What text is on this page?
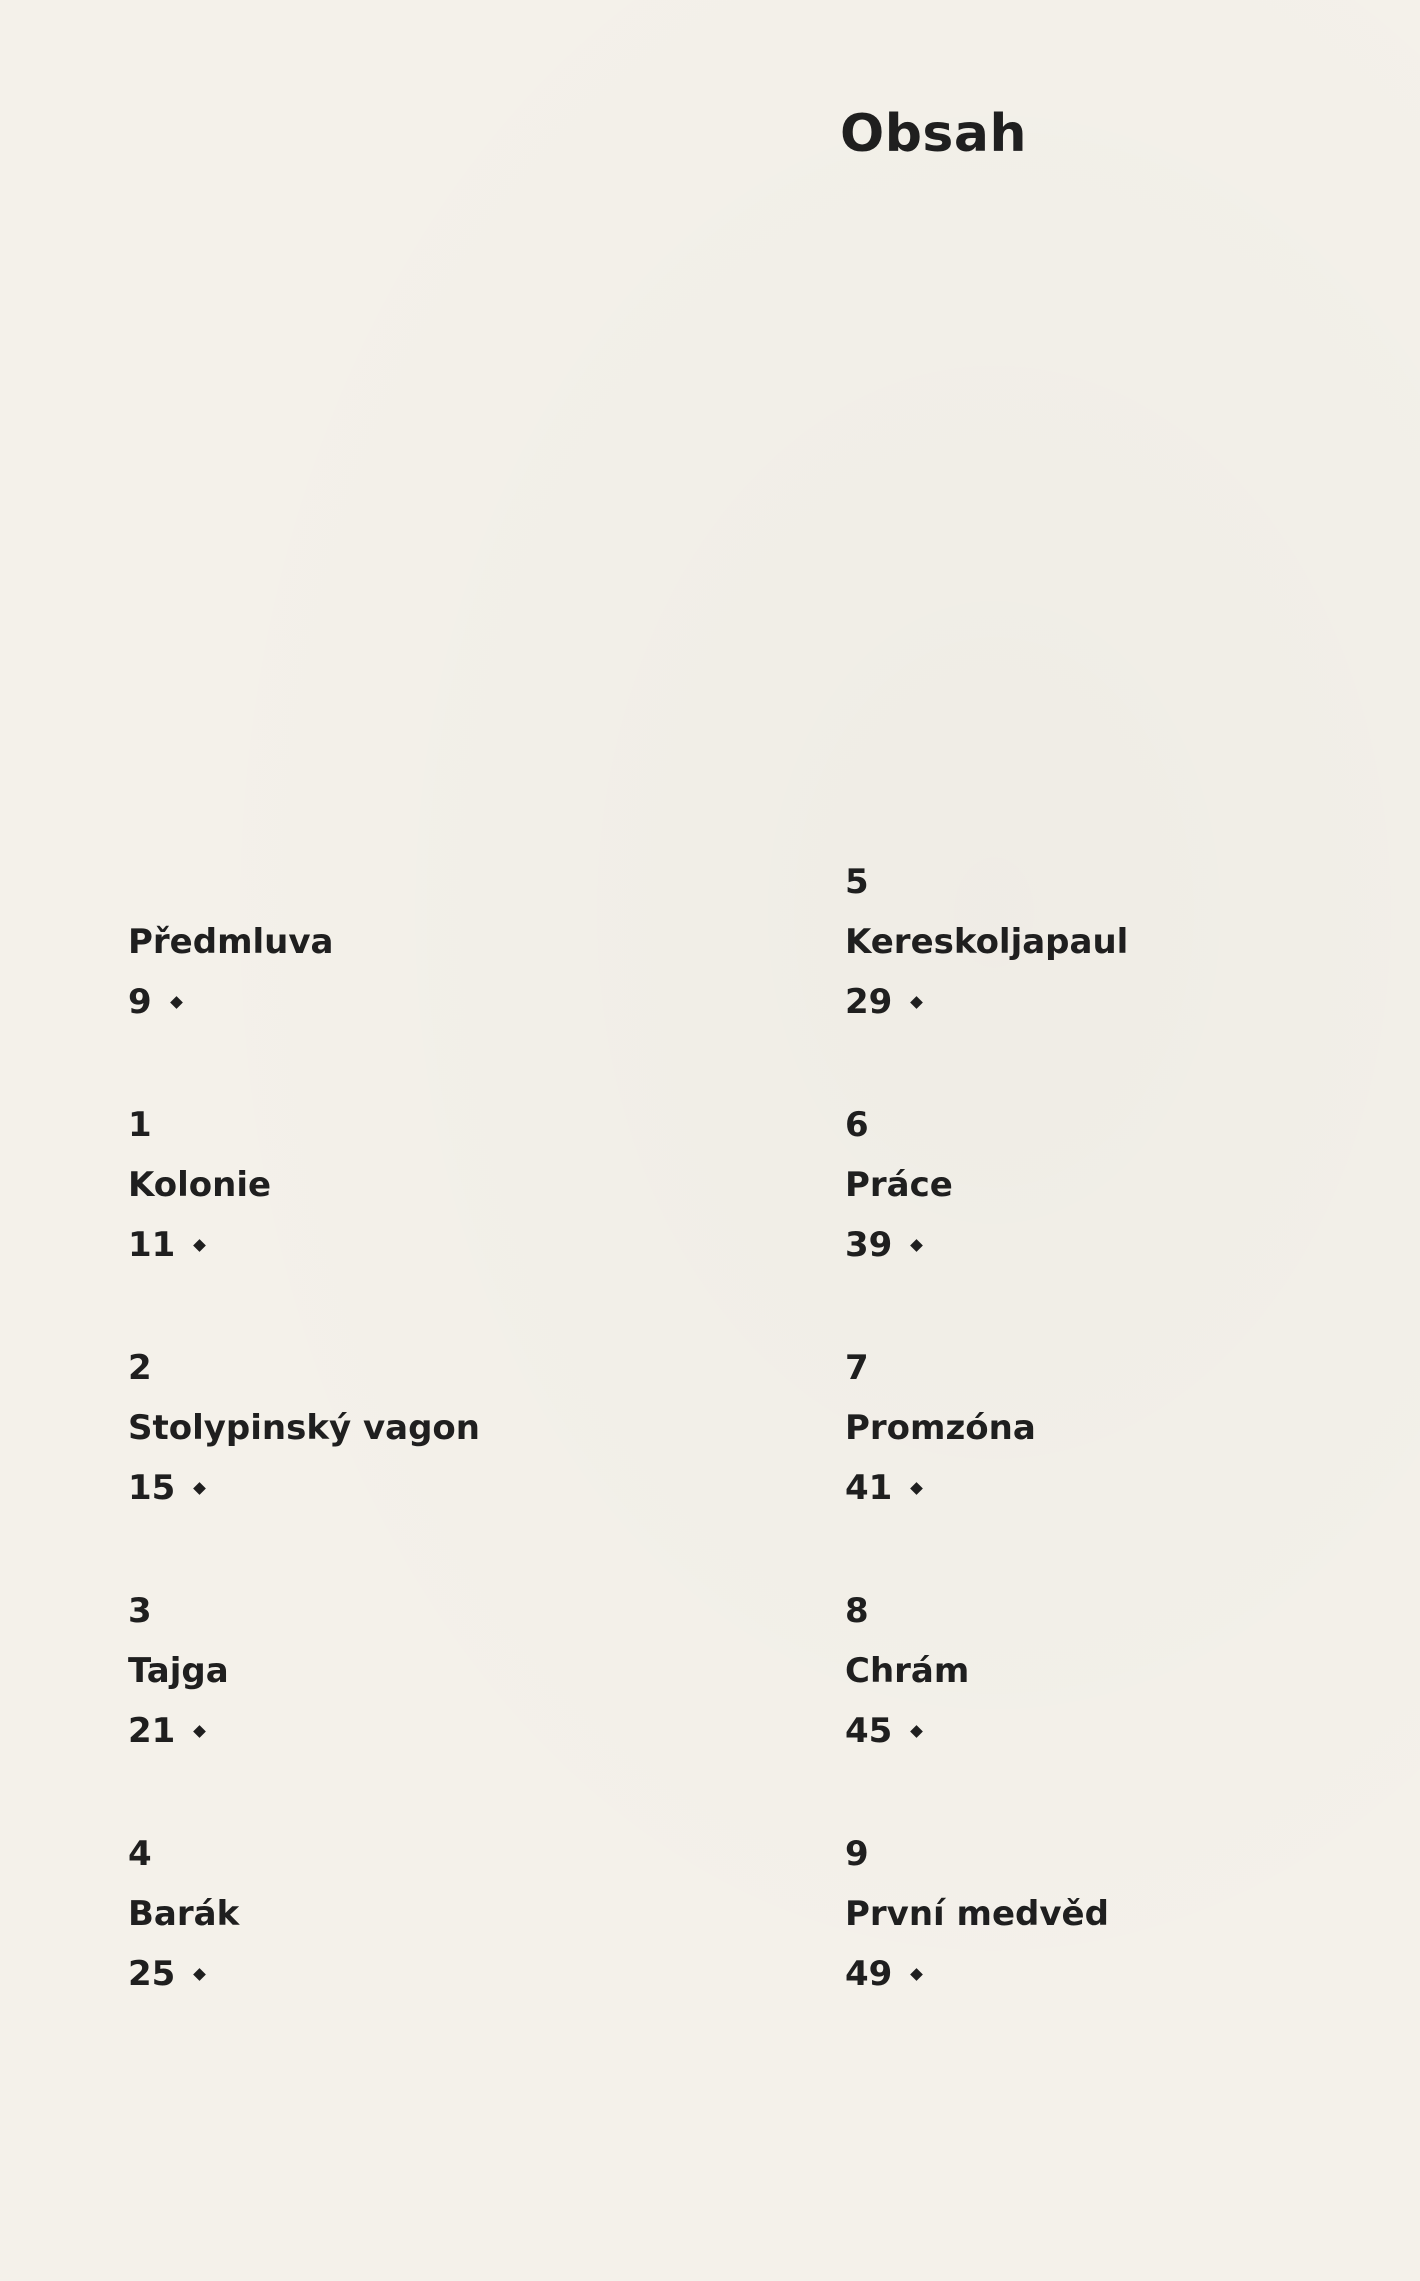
Obsah
Předmluva
9
1
Kolonie
11
2
Stolypinský vagon
15
3
Tajga
21
4
Barák
25
5
Kereskoljapaul
29
6
Práce
39
7
Promzóna
41
8
Chrám
45
9
První medvěd
49
